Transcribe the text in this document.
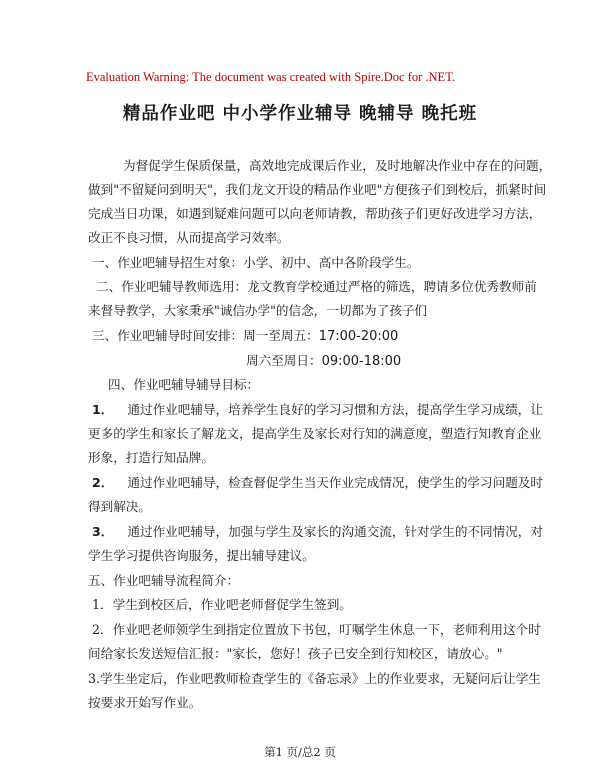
Evaluation Warning: The document was created with Spire.Doc for .NET.
精品作业吧 中小学作业辅导 晚辅导 晚托班
为督促学生保质保量，高效地完成课后作业，及时地解决作业中存在的问题，
做到"不留疑问到明天"，我们龙文开设的精品作业吧"方便孩子们到校后，抓紧时间
完成当日功课，如遇到疑难问题可以向老师请教，帮助孩子们更好改进学习方法，
改正不良习惯，从而提高学习效率。
一、作业吧辅导招生对象：小学、初中、高中各阶段学生。
二、作业吧辅导教师选用：龙文教育学校通过严格的筛选，聘请多位优秀教师前
来督导教学，大家秉承"诚信办学"的信念，一切都为了孩子们
三、作业吧辅导时间安排：周一至周五：17:00-20:00
周六至周日：09:00-18:00
四、作业吧辅导辅导目标：
1． 通过作业吧辅导，培养学生良好的学习习惯和方法，提高学生学习成绩，让
更多的学生和家长了解龙文，提高学生及家长对行知的满意度，塑造行知教育企业
形象，打造行知品牌。
2． 通过作业吧辅导，检查督促学生当天作业完成情况，使学生的学习问题及时
得到解决。
3． 通过作业吧辅导，加强与学生及家长的沟通交流，针对学生的不同情况，对
学生学习提供咨询服务，提出辅导建议。
五、作业吧辅导流程简介：
1．学生到校区后，作业吧老师督促学生签到。
2．作业吧老师领学生到指定位置放下书包，叮嘱学生休息一下，老师利用这个时
间给家长发送短信汇报："家长，您好！孩子已安全到行知校区，请放心。"
3.学生坐定后，作业吧教师检查学生的《备忘录》上的作业要求，无疑问后让学生
按要求开始写作业。
第1 页/总2 页
